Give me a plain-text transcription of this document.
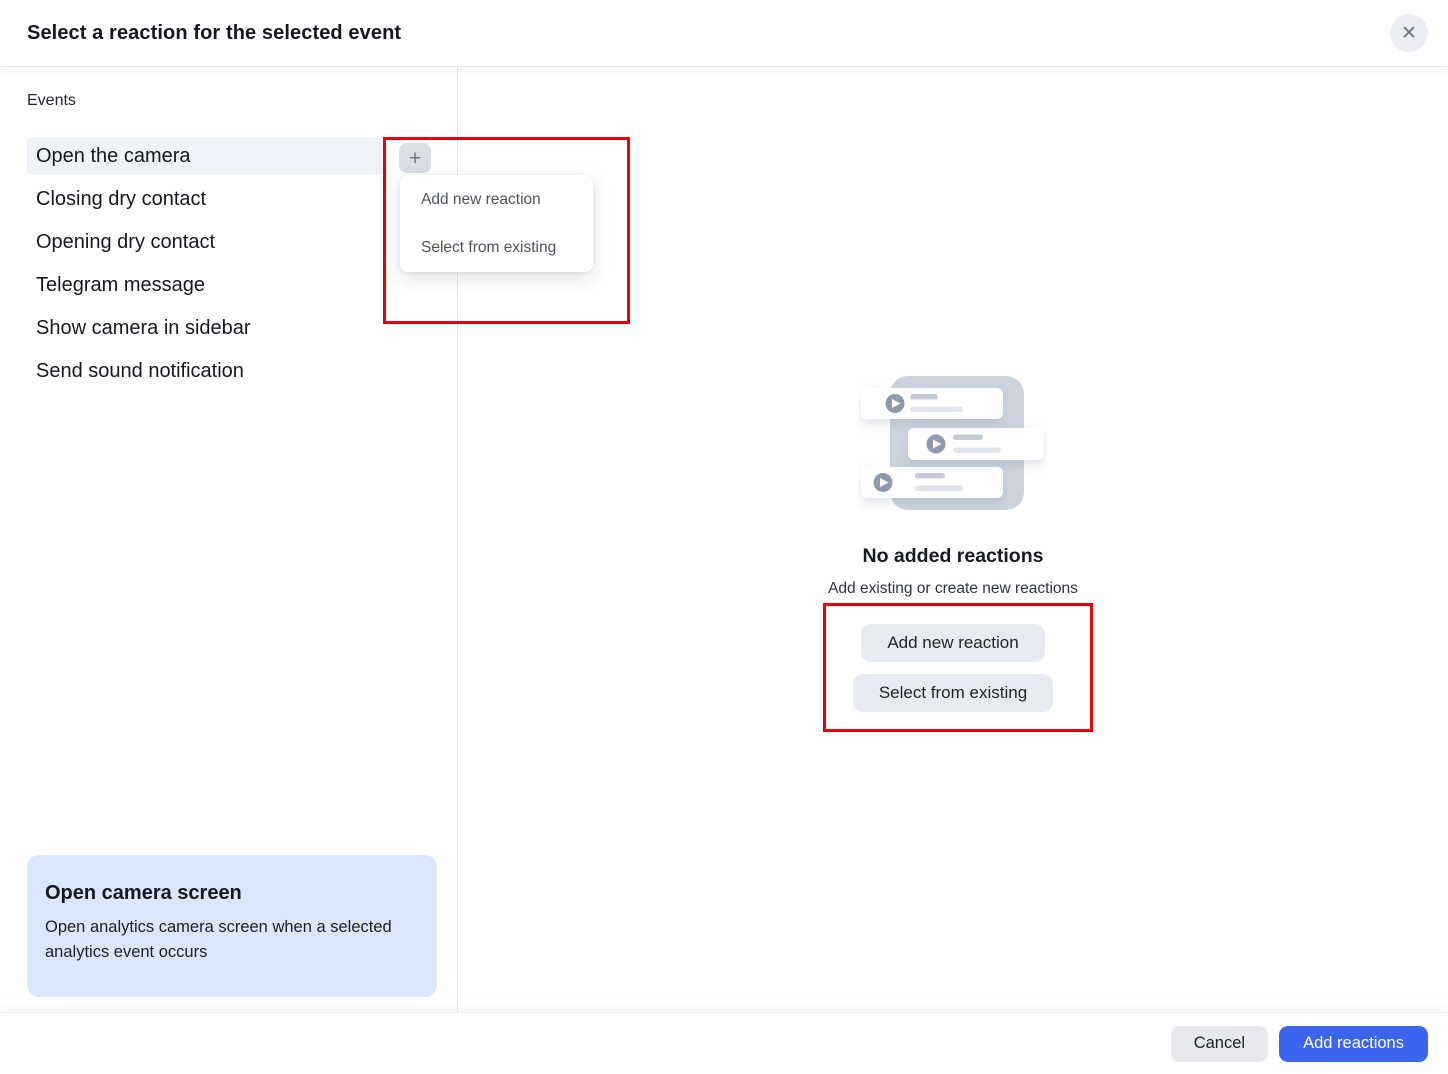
Select a reaction for the selected event	✕
Events
Open the camera
Closing dry contact
Opening dry contact
Telegram message
Show camera in sidebar
Send sound notification
Open camera screen
Open analytics camera screen when a selected analytics event occurs
No added reactions
Add existing or create new reactions
Add new reaction
Select from existing
+
Add new reaction
Select from existing
Cancel	Add reactions
